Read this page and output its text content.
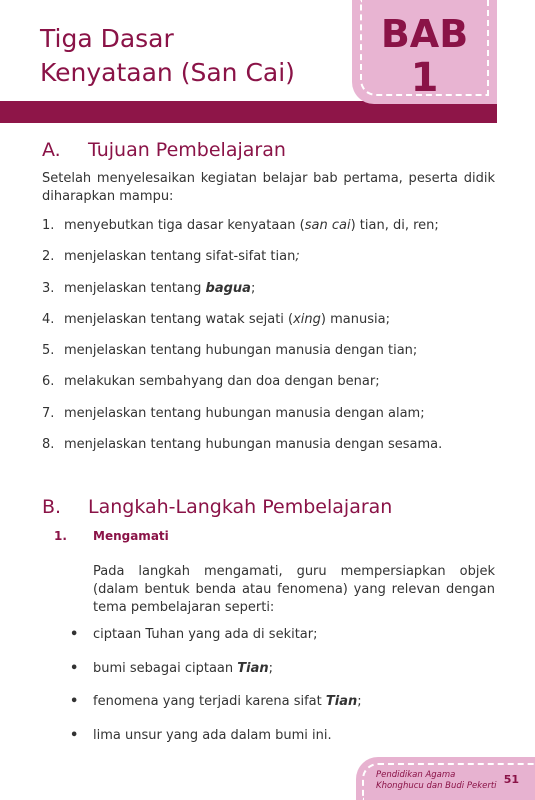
Tiga Dasar
Kenyataan (San Cai)
BAB
1
A. Tujuan Pembelajaran

Setelah menyelesaikan kegiatan belajar bab pertama, peserta didik diharapkan mampu:

1. menyebutkan tiga dasar kenyataan (san cai) tian, di, ren;
2. menjelaskan tentang sifat-sifat tian;
3. menjelaskan tentang bagua;
4. menjelaskan tentang watak sejati (xing) manusia;
5. menjelaskan tentang hubungan manusia dengan tian;
6. melakukan sembahyang dan doa dengan benar;
7. menjelaskan tentang hubungan manusia dengan alam;
8. menjelaskan tentang hubungan manusia dengan sesama.
B. Langkah-Langkah Pembelajaran
1. Mengamati

Pada langkah mengamati, guru mempersiapkan objek (dalam bentuk benda atau fenomena) yang relevan dengan tema pembelajaran seperti:

• ciptaan Tuhan yang ada di sekitar;
• bumi sebagai ciptaan Tian;
• fenomena yang terjadi karena sifat Tian;
• lima unsur yang ada dalam bumi ini.
Pendidikan Agama
Khonghucu dan Budi Pekerti 51
